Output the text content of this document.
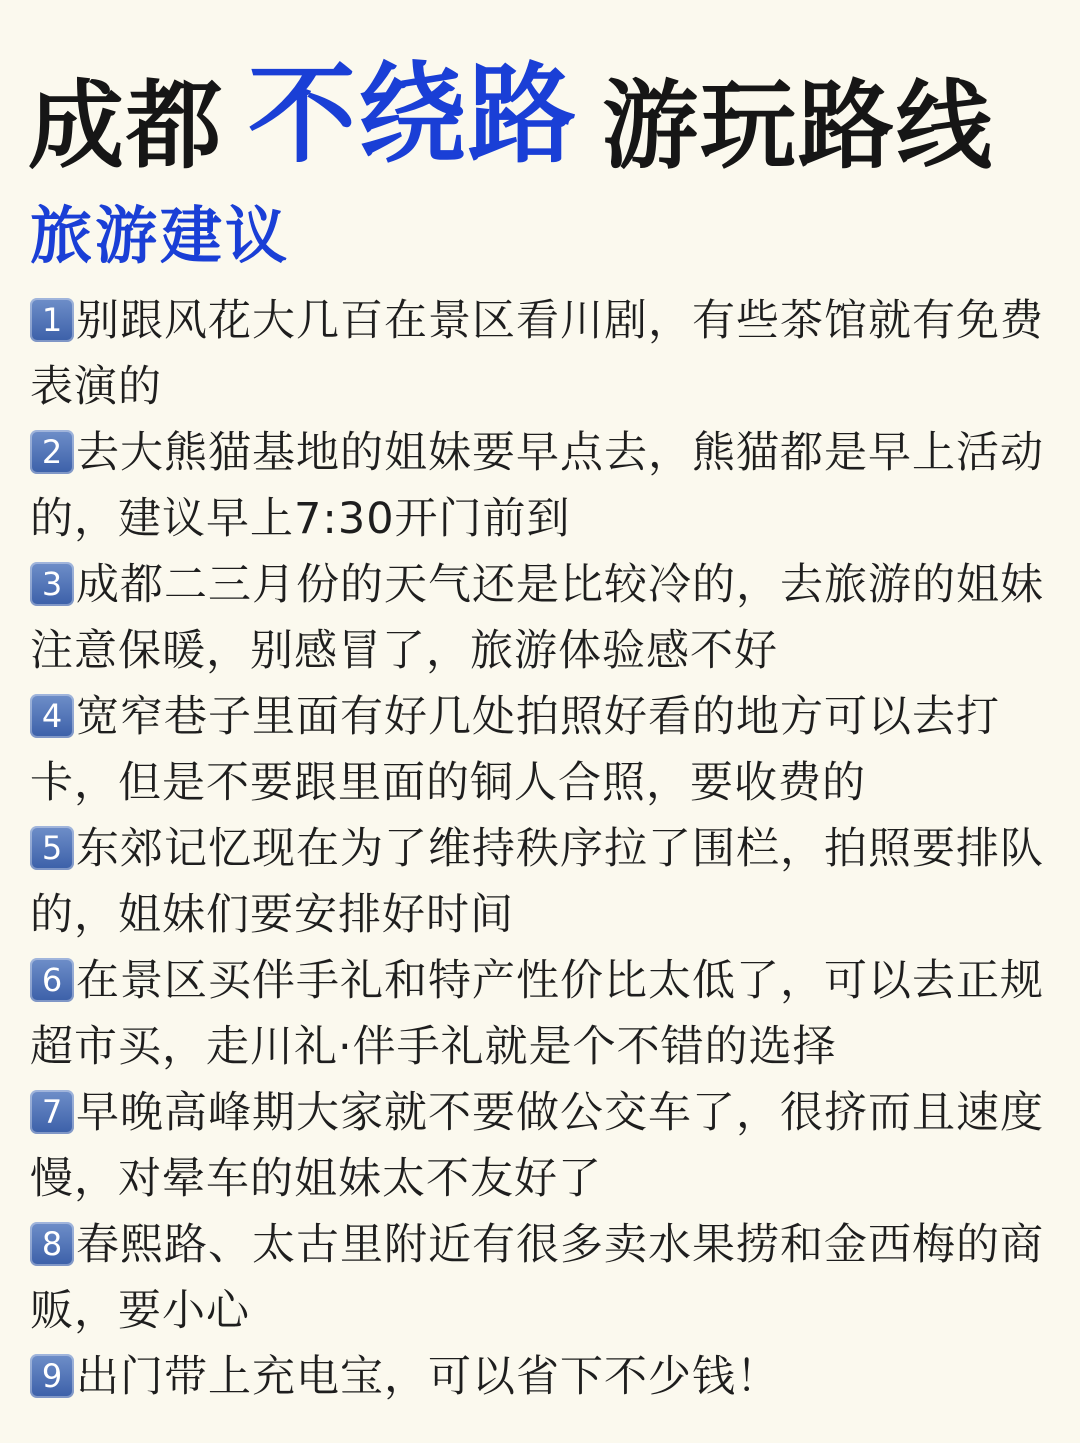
成都 不绕路 游玩路线
旅游建议
1 别跟风花大几百在景区看川剧，有些茶馆就有免费表演的
2 去大熊猫基地的姐妹要早点去，熊猫都是早上活动的，建议早上7:30开门前到
3 成都二三月份的天气还是比较冷的，去旅游的姐妹注意保暖，别感冒了，旅游体验感不好
4 宽窄巷子里面有好几处拍照好看的地方可以去打卡，但是不要跟里面的铜人合照，要收费的
5 东郊记忆现在为了维持秩序拉了围栏，拍照要排队的，姐妹们要安排好时间
6 在景区买伴手礼和特产性价比太低了，可以去正规超市买，走川礼·伴手礼就是个不错的选择
7 早晚高峰期大家就不要做公交车了，很挤而且速度慢，对晕车的姐妹太不友好了
8 春熙路、太古里附近有很多卖水果捞和金西梅的商贩，要小心
9 出门带上充电宝，可以省下不少钱！
